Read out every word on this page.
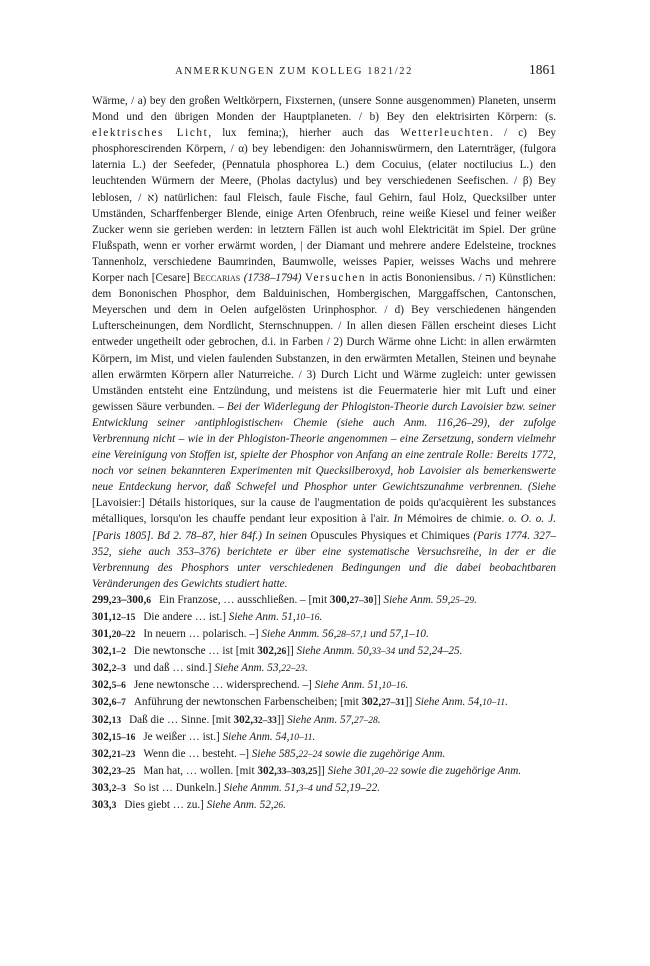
ANMERKUNGEN ZUM KOLLEG 1821/22	1861

Wärme, / a) bey den großen Weltkörpern, Fixsternen, (unsere Sonne ausgenommen) Planeten, unserm Mond und den übrigen Monden der Hauptplaneten. / b) Bey den elektrisirten Körpern: (s. elektrisches Licht, lux femina;), hierher auch das Wetterleuchten. / c) Bey phosphorescirenden Körpern, / α) bey lebendigen: den Johanniswürmern, den Laternträger, (fulgora laternia L.) der Seefeder, (Pennatula phosphorea L.) dem Cocuius, (elater noctilucius L.) den leuchtenden Würmern der Meere, (Pholas dactylus) und bey verschiedenen Seefischen. / β) Bey leblosen, / א) natürlichen: faul Fleisch, faule Fische, faul Gehirn, faul Holz, Quecksilber unter Umständen, Scharffenberger Blende, einige Arten Ofenbruch, reine weiße Kiesel und feiner weißer Zucker wenn sie gerieben werden: in letztern Fällen ist auch wohl Elektricität im Spiel. Der grüne Flußspath, wenn er vorher erwärmt worden, | der Diamant und mehrere andere Edelsteine, trocknes Tannenholz, verschiedene Baumrinden, Baumwolle, weisses Papier, weisses Wachs und mehrere Korper nach [Cesare] Beccarias (1738–1794) Versuchen in actis Bononiensibus. / ה) Künstlichen: dem Bononischen Phosphor, dem Balduinischen, Hombergischen, Marggaffschen, Cantonschen, Meyerschen und dem in Oelen aufgelösten Urinphosphor. / d) Bey verschiedenen hängenden Lufterscheinungen, dem Nordlicht, Sternschnuppen. / In allen diesen Fällen erscheint dieses Licht entweder ungetheilt oder gebrochen, d.i. in Farben / 2) Durch Wärme ohne Licht: in allen erwärmten Körpern, im Mist, und vielen faulenden Substanzen, in den erwärmten Metallen, Steinen und beynahe allen erwärmten Körpern aller Naturreiche. / 3) Durch Licht und Wärme zugleich: unter gewissen Umständen entsteht eine Entzündung, und meistens ist die Feuermaterie hier mit Luft und einer gewissen Säure verbunden. – Bei der Widerlegung der Phlogiston-Theorie durch Lavoisier bzw. seiner Entwicklung seiner ›antiphlogistischen‹ Chemie (siehe auch Anm. 116,26–29), der zufolge Verbrennung nicht – wie in der Phlogiston-Theorie angenommen – eine Zersetzung, sondern vielmehr eine Vereinigung von Stoffen ist, spielte der Phosphor von Anfang an eine zentrale Rolle: Bereits 1772, noch vor seinen bekannteren Experimenten mit Quecksilberoxyd, hob Lavoisier als bemerkenswerte neue Entdeckung hervor, daß Schwefel und Phosphor unter Gewichtszunahme verbrennen. (Siehe [Lavoisier:] Détails historiques, sur la cause de l'augmentation de poids qu'acquièrent les substances métalliques, lorsqu'on les chauffe pendant leur exposition à l'air. In Mémoires de chimie. o. O. o. J. [Paris 1805]. Bd 2. 78–87, hier 84f.) In seinen Opuscules Physiques et Chimiques (Paris 1774. 327–352, siehe auch 353–376) berichtete er über eine systematische Versuchsreihe, in der er die Verbrennung des Phosphors unter verschiedenen Bedingungen und die dabei beobachtbaren Veränderungen des Gewichts studiert hatte.

299,23–300,6 Ein Franzose, … ausschließen. – [mit 300,27–30]] Siehe Anm. 59,25–29.

301,12–15 Die andere … ist.] Siehe Anm. 51,10–16.

301,20–22 In neuern … polarisch. –] Siehe Anmm. 56,28–57,1 und 57,1–10.

302,1–2 Die newtonsche … ist [mit 302,26]] Siehe Anmm. 50,33–34 und 52,24–25.

302,2–3 und daß … sind.] Siehe Anm. 53,22–23.

302,5–6 Jene newtonsche … widersprechend. –] Siehe Anm. 51,10–16.

302,6–7 Anführung der newtonschen Farbenscheiben; [mit 302,27–31]] Siehe Anm. 54,10–11.

302,13 Daß die … Sinne. [mit 302,32–33]] Siehe Anm. 57,27–28.

302,15–16 Je weißer … ist.] Siehe Anm. 54,10–11.

302,21–23 Wenn die … besteht. –] Siehe 585,22–24 sowie die zugehörige Anm.

302,23–25 Man hat, … wollen. [mit 302,33–303,25]] Siehe 301,20–22 sowie die zugehörige Anm.

303,2–3 So ist … Dunkeln.] Siehe Anmm. 51,3–4 und 52,19–22.

303,3 Dies giebt … zu.] Siehe Anm. 52,26.
